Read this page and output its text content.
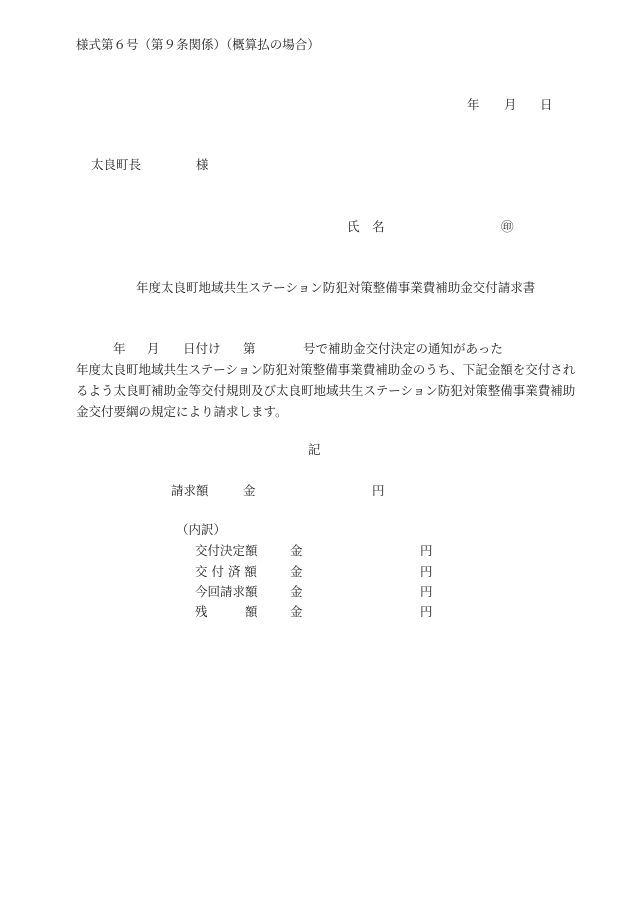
様式第６号（第９条関係）（概算払の場合）
年 月 日
太良町長	様
氏　名	㊞
年度太良町地域共生ステーション防犯対策整備事業費補助金交付請求書
年 月 日付け 第	号で補助金交付決定の通知があった
年度太良町地域共生ステーション防犯対策整備事業費補助金のうち、下記金額を交付され
るよう太良町補助金等交付規則及び太良町地域共生ステーション防犯対策整備事業費補助
金交付要綱の規定により請求します。
記
請求額	金	円
（内訳）
交付決定額	金	円
交 付 済 額	金	円
今回請求額	金	円
残　　　額	金	円
